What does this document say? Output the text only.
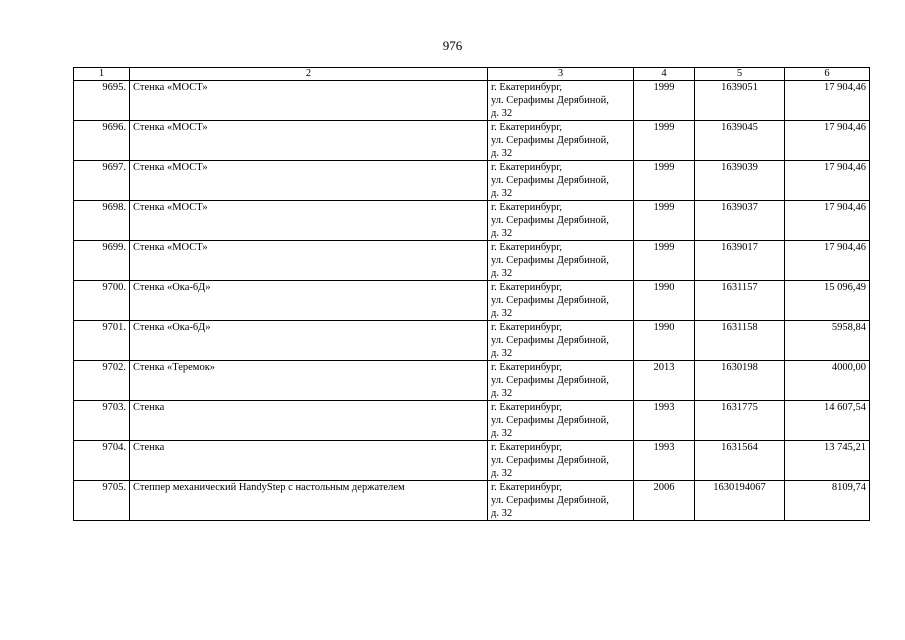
976
1	2	3	4	5	6
9695.	Стенка «МОСТ»	г. Екатеринбург,
ул. Серафимы Дерябиной,
д. 32	1999	1639051	17 904,46
9696.	Стенка «МОСТ»	г. Екатеринбург,
ул. Серафимы Дерябиной,
д. 32	1999	1639045	17 904,46
9697.	Стенка «МОСТ»	г. Екатеринбург,
ул. Серафимы Дерябиной,
д. 32	1999	1639039	17 904,46
9698.	Стенка «МОСТ»	г. Екатеринбург,
ул. Серафимы Дерябиной,
д. 32	1999	1639037	17 904,46
9699.	Стенка «МОСТ»	г. Екатеринбург,
ул. Серафимы Дерябиной,
д. 32	1999	1639017	17 904,46
9700.	Стенка «Ока-6Д»	г. Екатеринбург,
ул. Серафимы Дерябиной,
д. 32	1990	1631157	15 096,49
9701.	Стенка «Ока-6Д»	г. Екатеринбург,
ул. Серафимы Дерябиной,
д. 32	1990	1631158	5958,84
9702.	Стенка «Теремок»	г. Екатеринбург,
ул. Серафимы Дерябиной,
д. 32	2013	1630198	4000,00
9703.	Стенка	г. Екатеринбург,
ул. Серафимы Дерябиной,
д. 32	1993	1631775	14 607,54
9704.	Стенка	г. Екатеринбург,
ул. Серафимы Дерябиной,
д. 32	1993	1631564	13 745,21
9705.	Степпер механический HandyStep с настольным держателем	г. Екатеринбург,
ул. Серафимы Дерябиной,
д. 32	2006	1630194067	8109,74
